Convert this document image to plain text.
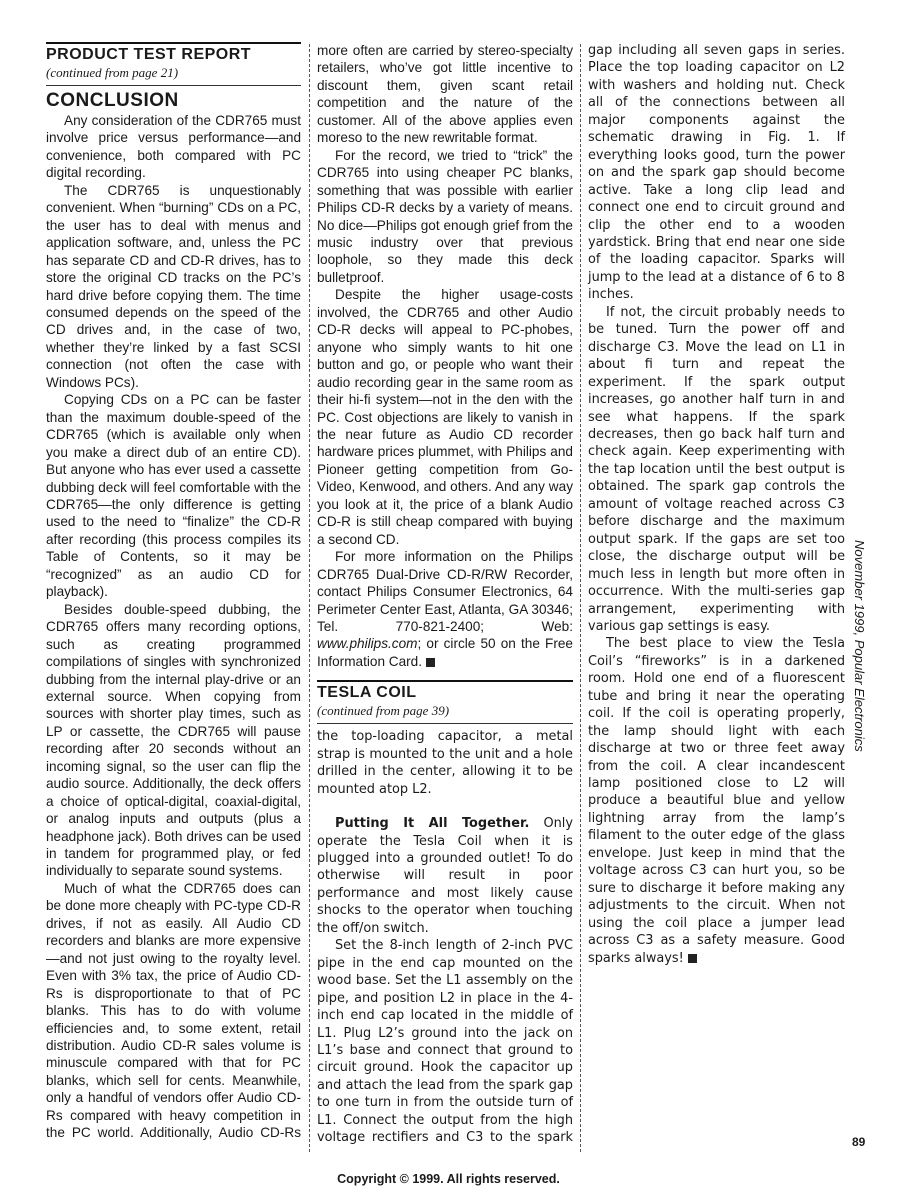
PRODUCT TEST REPORT
(continued from page 21)
CONCLUSION

Any consideration of the CDR765 must involve price versus performance—and convenience, both compared with PC digital recording.

The CDR765 is unquestionably convenient. When “burning” CDs on a PC, the user has to deal with menus and application software, and, unless the PC has separate CD and CD-R drives, has to store the original CD tracks on the PC’s hard drive before copying them. The time consumed depends on the speed of the CD drives and, in the case of two, whether they’re linked by a fast SCSI connection (not often the case with Windows PCs).

Copying CDs on a PC can be faster than the maximum double-speed of the CDR765 (which is available only when you make a direct dub of an entire CD). But anyone who has ever used a cassette dubbing deck will feel comfortable with the CDR765—the only difference is getting used to the need to “finalize” the CD-R after recording (this process compiles its Table of Contents, so it may be “recognized” as an audio CD for playback).

Besides double-speed dubbing, the CDR765 offers many recording options, such as creating programmed compilations of singles with synchronized dubbing from the internal play-drive or an external source. When copying from sources with shorter play times, such as LP or cassette, the CDR765 will pause recording after 20 seconds without an incoming signal, so the user can flip the audio source. Additionally, the deck offers a choice of optical-digital, coaxial-digital, or analog inputs and outputs (plus a headphone jack). Both drives can be used in tandem for programmed play, or fed individually to separate sound systems.

Much of what the CDR765 does can be done more cheaply with PC-type CD-R drives, if not as easily. All Audio CD recorders and blanks are more expensive—and not just owing to the royalty level. Even with 3% tax, the price of Audio CD-Rs is disproportionate to that of PC blanks. This has to do with volume efficiencies and, to some extent, retail distribution. Audio CD-R sales volume is minuscule compared with that for PC blanks, which sell for cents. Meanwhile, only a handful of vendors offer Audio CD-Rs compared with heavy competition in the PC world. Additionally, Audio CD-Rs

more often are carried by stereo-specialty retailers, who’ve got little incentive to discount them, given scant retail competition and the nature of the customer. All of the above applies even moreso to the new rewritable format.

For the record, we tried to “trick” the CDR765 into using cheaper PC blanks, something that was possible with earlier Philips CD-R decks by a variety of means. No dice—Philips got enough grief from the music industry over that previous loophole, so they made this deck bulletproof.

Despite the higher usage-costs involved, the CDR765 and other Audio CD-R decks will appeal to PC-phobes, anyone who simply wants to hit one button and go, or people who want their audio recording gear in the same room as their hi-fi system—not in the den with the PC. Cost objections are likely to vanish in the near future as Audio CD recorder hardware prices plummet, with Philips and Pioneer getting competition from Go-Video, Kenwood, and others. And any way you look at it, the price of a blank Audio CD-R is still cheap compared with buying a second CD.

For more information on the Philips CDR765 Dual-Drive CD-R/RW Recorder, contact Philips Consumer Electronics, 64 Perimeter Center East, Atlanta, GA 30346; Tel. 770-821-2400; Web: www.philips.com; or circle 50 on the Free Information Card.

TESLA COIL
(continued from page 39)

the top-loading capacitor, a metal strap is mounted to the unit and a hole drilled in the center, allowing it to be mounted atop L2.

Putting It All Together. Only operate the Tesla Coil when it is plugged into a grounded outlet! To do otherwise will result in poor performance and most likely cause shocks to the operator when touching the off/on switch.

Set the 8-inch length of 2-inch PVC pipe in the end cap mounted on the wood base. Set the L1 assembly on the pipe, and position L2 in place in the 4-inch end cap located in the middle of L1. Plug L2’s ground into the jack on L1’s base and connect that ground to circuit ground. Hook the capacitor up and attach the lead from the spark gap to one turn in from the outside turn of L1. Connect the output from the high voltage rectifiers and C3 to the spark

gap including all seven gaps in series. Place the top loading capacitor on L2 with washers and holding nut. Check all of the connections between all major components against the schematic drawing in Fig. 1. If everything looks good, turn the power on and the spark gap should become active. Take a long clip lead and connect one end to circuit ground and clip the other end to a wooden yardstick. Bring that end near one side of the loading capacitor. Sparks will jump to the lead at a distance of 6 to 8 inches.

If not, the circuit probably needs to be tuned. Turn the power off and discharge C3. Move the lead on L1 in about ﬁ turn and repeat the experiment. If the spark output increases, go another half turn in and see what happens. If the spark decreases, then go back half turn and check again. Keep experimenting with the tap location until the best output is obtained. The spark gap controls the amount of voltage reached across C3 before discharge and the maximum output spark. If the gaps are set too close, the discharge output will be much less in length but more often in occurrence. With the multi-series gap arrangement, experimenting with various gap settings is easy.

The best place to view the Tesla Coil’s “fireworks” is in a darkened room. Hold one end of a fluorescent tube and bring it near the operating coil. If the coil is operating properly, the lamp should light with each discharge at two or three feet away from the coil. A clear incandescent lamp positioned close to L2 will produce a beautiful blue and yellow lightning array from the lamp’s filament to the outer edge of the glass envelope. Just keep in mind that the voltage across C3 can hurt you, so be sure to discharge it before making any adjustments to the circuit. When not using the coil place a jumper lead across C3 as a safety measure. Good sparks always!

November 1999, Popular Electronics
89
Copyright © 1999. All rights reserved.
